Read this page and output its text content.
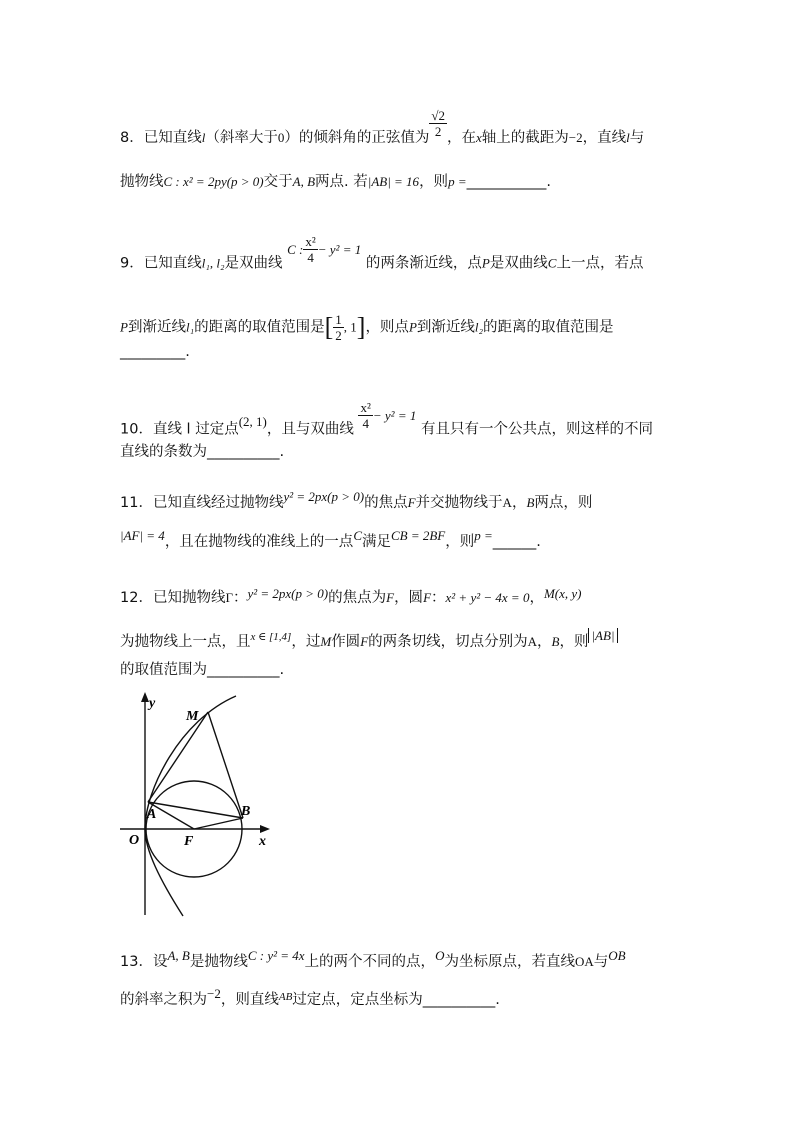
8．已知直线l（斜率大于0）的倾斜角的正弦值为 $\frac{√2}{2}$ ，在x轴上的截距为−2，直线l与
抛物线C : x² = 2py(p > 0)交于A, B两点. 若|AB| = 16，则p =___________.
9．已知直线l₁, l₂是双曲线 C : $\frac{\text{x²}}{4} - y^2 = 1$ 的两条渐近线，点P是双曲线C上一点，若点
P到渐近线l₁的距离的取值范围是[ $\frac{1}{2}$ , 1]，则点P到渐近线l₂的距离的取值范围是
_________.
10．直线 l 过定点(2, 1)，且与双曲线 $\frac{\text{x²}}{4} - y^2 = 1$ 有且只有一个公共点，则这样的不同
直线的条数为__________.
11．已知直线经过抛物线y² = 2px(p > 0)的焦点F并交抛物线于A，B两点，则
|AF| = 4，且在抛物线的准线上的一点C满足CB = 2BF，则p =______.
12．已知抛物线Γ：y² = 2px(p > 0)的焦点为F，圆F：x² + y² − 4x = 0，M(x, y)
为抛物线上一点，且$^{x \in [1,4]}$，过M作圆F的两条切线，切点分别为A，B，则 |AB|
的取值范围为__________.
y
x
M
A	B
O	F
13．设A, B是抛物线C : y² = 4x上的两个不同的点，O为坐标原点，若直线OA与OB
的斜率之积为−2，则直线$^{AB}$过定点，定点坐标为__________.
